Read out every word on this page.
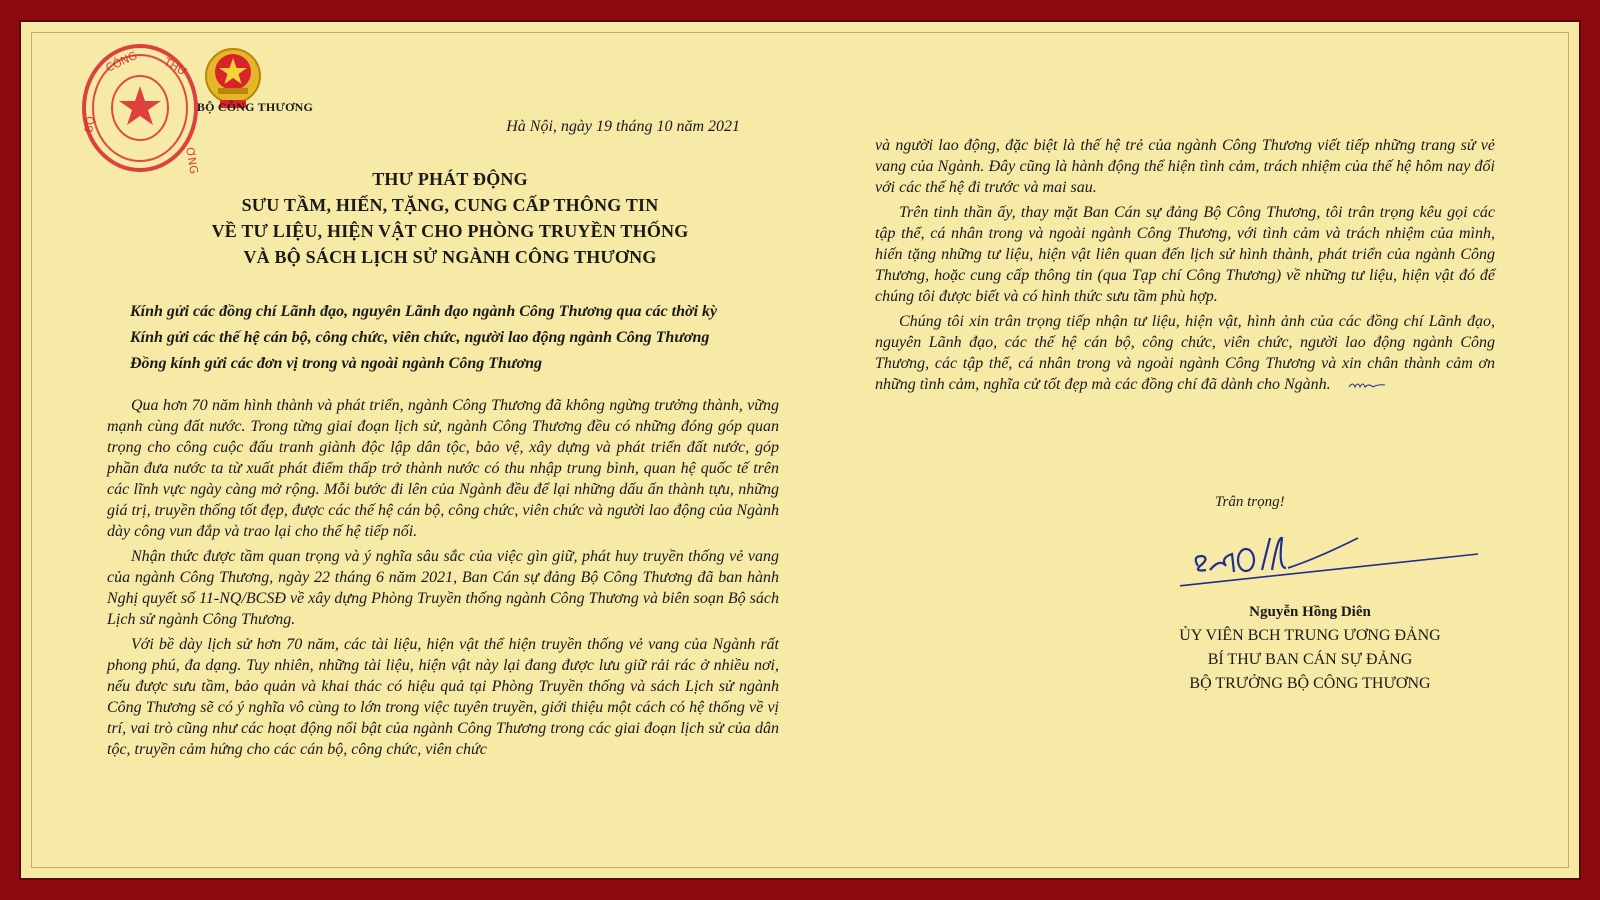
CÔNG THƯ
BỘ
ƠNG
BỘ CÔNG THƯƠNG
Hà Nội, ngày 19 tháng 10 năm 2021
THƯ PHÁT ĐỘNG
SƯU TẦM, HIẾN, TẶNG, CUNG CẤP THÔNG TIN
VỀ TƯ LIỆU, HIỆN VẬT CHO PHÒNG TRUYỀN THỐNG
VÀ BỘ SÁCH LỊCH SỬ NGÀNH CÔNG THƯƠNG
Kính gửi các đồng chí Lãnh đạo, nguyên Lãnh đạo ngành Công Thương qua các thời kỳ
Kính gửi các thế hệ cán bộ, công chức, viên chức, người lao động ngành Công Thương
Đồng kính gửi các đơn vị trong và ngoài ngành Công Thương

Qua hơn 70 năm hình thành và phát triển, ngành Công Thương đã không ngừng trưởng thành, vững mạnh cùng đất nước. Trong từng giai đoạn lịch sử, ngành Công Thương đều có những đóng góp quan trọng cho công cuộc đấu tranh giành độc lập dân tộc, bảo vệ, xây dựng và phát triển đất nước, góp phần đưa nước ta từ xuất phát điểm thấp trở thành nước có thu nhập trung bình, quan hệ quốc tế trên các lĩnh vực ngày càng mở rộng. Mỗi bước đi lên của Ngành đều để lại những dấu ấn thành tựu, những giá trị, truyền thống tốt đẹp, được các thế hệ cán bộ, công chức, viên chức và người lao động của Ngành dày công vun đắp và trao lại cho thế hệ tiếp nối.

Nhận thức được tầm quan trọng và ý nghĩa sâu sắc của việc gìn giữ, phát huy truyền thống vẻ vang của ngành Công Thương, ngày 22 tháng 6 năm 2021, Ban Cán sự đảng Bộ Công Thương đã ban hành Nghị quyết số 11-NQ/BCSĐ về xây dựng Phòng Truyền thống ngành Công Thương và biên soạn Bộ sách Lịch sử ngành Công Thương.

Với bề dày lịch sử hơn 70 năm, các tài liệu, hiện vật thể hiện truyền thống vẻ vang của Ngành rất phong phú, đa dạng. Tuy nhiên, những tài liệu, hiện vật này lại đang được lưu giữ rải rác ở nhiều nơi, nếu được sưu tầm, bảo quản và khai thác có hiệu quả tại Phòng Truyền thống và sách Lịch sử ngành Công Thương sẽ có ý nghĩa vô cùng to lớn trong việc tuyên truyền, giới thiệu một cách có hệ thống về vị trí, vai trò cũng như các hoạt động nổi bật của ngành Công Thương trong các giai đoạn lịch sử của dân tộc, truyền cảm hứng cho các cán bộ, công chức, viên chức

và người lao động, đặc biệt là thế hệ trẻ của ngành Công Thương viết tiếp những trang sử vẻ vang của Ngành. Đây cũng là hành động thể hiện tình cảm, trách nhiệm của thế hệ hôm nay đối với các thế hệ đi trước và mai sau.

Trên tinh thần ấy, thay mặt Ban Cán sự đảng Bộ Công Thương, tôi trân trọng kêu gọi các tập thể, cá nhân trong và ngoài ngành Công Thương, với tình cảm và trách nhiệm của mình, hiến tặng những tư liệu, hiện vật liên quan đến lịch sử hình thành, phát triển của ngành Công Thương, hoặc cung cấp thông tin (qua Tạp chí Công Thương) về những tư liệu, hiện vật đó để chúng tôi được biết và có hình thức sưu tầm phù hợp.

Chúng tôi xin trân trọng tiếp nhận tư liệu, hiện vật, hình ảnh của các đồng chí Lãnh đạo, nguyên Lãnh đạo, các thế hệ cán bộ, công chức, viên chức, người lao động ngành Công Thương, các tập thể, cá nhân trong và ngoài ngành Công Thương và xin chân thành cảm ơn những tình cảm, nghĩa cử tốt đẹp mà các đồng chí đã dành cho Ngành.

Trân trọng!
Nguyễn Hồng Diên
ỦY VIÊN BCH TRUNG ƯƠNG ĐẢNG
BÍ THƯ BAN CÁN SỰ ĐẢNG
BỘ TRƯỞNG BỘ CÔNG THƯƠNG
